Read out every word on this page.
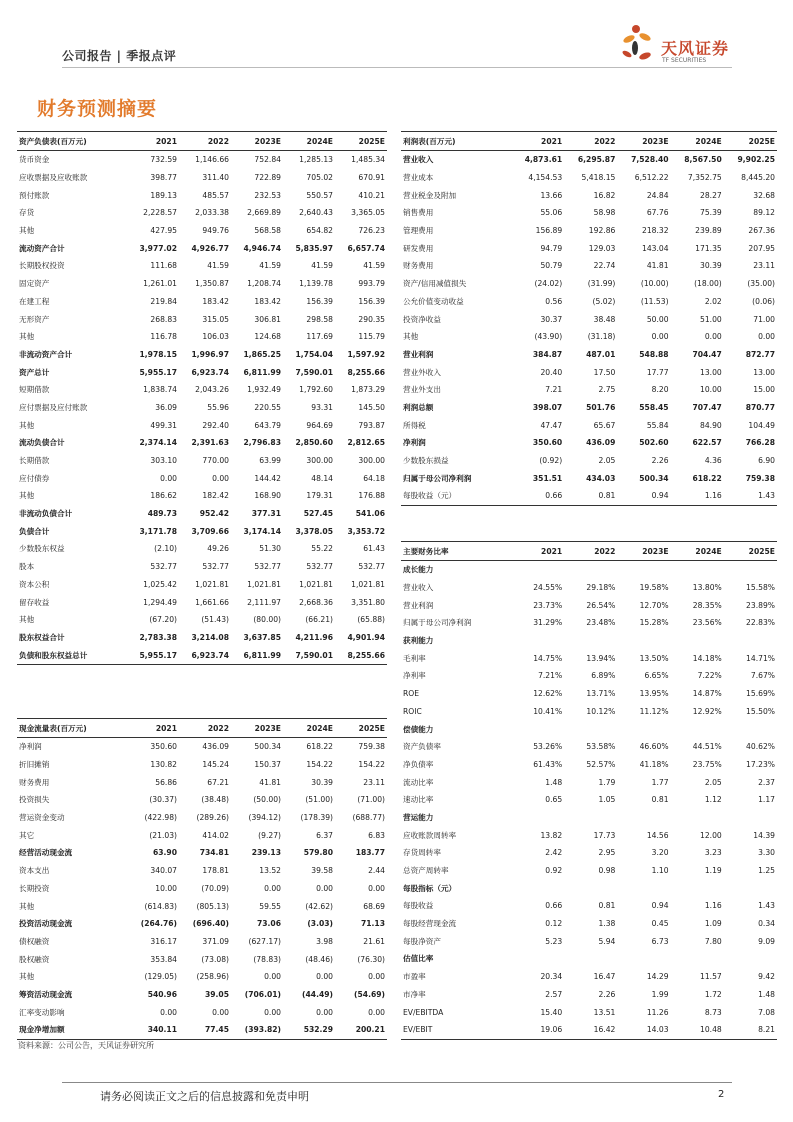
公司报告 | 季报点评	天风证券
TF SECURITIES
财务预测摘要
资产负债表(百万元)	2021	2022	2023E	2024E	2025E
货币资金	732.59	1,146.66	752.84	1,285.13	1,485.34
应收票据及应收账款	398.77	311.40	722.89	705.02	670.91
预付账款	189.13	485.57	232.53	550.57	410.21
存货	2,228.57	2,033.38	2,669.89	2,640.43	3,365.05
其他	427.95	949.76	568.58	654.82	726.23
流动资产合计	3,977.02	4,926.77	4,946.74	5,835.97	6,657.74
长期股权投资	111.68	41.59	41.59	41.59	41.59
固定资产	1,261.01	1,350.87	1,208.74	1,139.78	993.79
在建工程	219.84	183.42	183.42	156.39	156.39
无形资产	268.83	315.05	306.81	298.58	290.35
其他	116.78	106.03	124.68	117.69	115.79
非流动资产合计	1,978.15	1,996.97	1,865.25	1,754.04	1,597.92
资产总计	5,955.17	6,923.74	6,811.99	7,590.01	8,255.66
短期借款	1,838.74	2,043.26	1,932.49	1,792.60	1,873.29
应付票据及应付账款	36.09	55.96	220.55	93.31	145.50
其他	499.31	292.40	643.79	964.69	793.87
流动负债合计	2,374.14	2,391.63	2,796.83	2,850.60	2,812.65
长期借款	303.10	770.00	63.99	300.00	300.00
应付债券	0.00	0.00	144.42	48.14	64.18
其他	186.62	182.42	168.90	179.31	176.88
非流动负债合计	489.73	952.42	377.31	527.45	541.06
负债合计	3,171.78	3,709.66	3,174.14	3,378.05	3,353.72
少数股东权益	(2.10)	49.26	51.30	55.22	61.43
股本	532.77	532.77	532.77	532.77	532.77
资本公积	1,025.42	1,021.81	1,021.81	1,021.81	1,021.81
留存收益	1,294.49	1,661.66	2,111.97	2,668.36	3,351.80
其他	(67.20)	(51.43)	(80.00)	(66.21)	(65.88)
股东权益合计	2,783.38	3,214.08	3,637.85	4,211.96	4,901.94
负债和股东权益总计	5,955.17	6,923.74	6,811.99	7,590.01	8,255.66
利润表(百万元)	2021	2022	2023E	2024E	2025E
营业收入	4,873.61	6,295.87	7,528.40	8,567.50	9,902.25
营业成本	4,154.53	5,418.15	6,512.22	7,352.75	8,445.20
营业税金及附加	13.66	16.82	24.84	28.27	32.68
销售费用	55.06	58.98	67.76	75.39	89.12
管理费用	156.89	192.86	218.32	239.89	267.36
研发费用	94.79	129.03	143.04	171.35	207.95
财务费用	50.79	22.74	41.81	30.39	23.11
资产/信用减值损失	(24.02)	(31.99)	(10.00)	(18.00)	(35.00)
公允价值变动收益	0.56	(5.02)	(11.53)	2.02	(0.06)
投资净收益	30.37	38.48	50.00	51.00	71.00
其他	(43.90)	(31.18)	0.00	0.00	0.00
营业利润	384.87	487.01	548.88	704.47	872.77
营业外收入	20.40	17.50	17.77	13.00	13.00
营业外支出	7.21	2.75	8.20	10.00	15.00
利润总额	398.07	501.76	558.45	707.47	870.77
所得税	47.47	65.67	55.84	84.90	104.49
净利润	350.60	436.09	502.60	622.57	766.28
少数股东损益	(0.92)	2.05	2.26	4.36	6.90
归属于母公司净利润	351.51	434.03	500.34	618.22	759.38
每股收益（元）	0.66	0.81	0.94	1.16	1.43
主要财务比率	2021	2022	2023E	2024E	2025E
成长能力					
营业收入	24.55%	29.18%	19.58%	13.80%	15.58%
营业利润	23.73%	26.54%	12.70%	28.35%	23.89%
归属于母公司净利润	31.29%	23.48%	15.28%	23.56%	22.83%
获利能力					
毛利率	14.75%	13.94%	13.50%	14.18%	14.71%
净利率	7.21%	6.89%	6.65%	7.22%	7.67%
ROE	12.62%	13.71%	13.95%	14.87%	15.69%
ROIC	10.41%	10.12%	11.12%	12.92%	15.50%
偿债能力					
资产负债率	53.26%	53.58%	46.60%	44.51%	40.62%
净负债率	61.43%	52.57%	41.18%	23.75%	17.23%
流动比率	1.48	1.79	1.77	2.05	2.37
速动比率	0.65	1.05	0.81	1.12	1.17
营运能力					
应收账款周转率	13.82	17.73	14.56	12.00	14.39
存货周转率	2.42	2.95	3.20	3.23	3.30
总资产周转率	0.92	0.98	1.10	1.19	1.25
每股指标（元）					
每股收益	0.66	0.81	0.94	1.16	1.43
每股经营现金流	0.12	1.38	0.45	1.09	0.34
每股净资产	5.23	5.94	6.73	7.80	9.09
估值比率					
市盈率	20.34	16.47	14.29	11.57	9.42
市净率	2.57	2.26	1.99	1.72	1.48
EV/EBITDA	15.40	13.51	11.26	8.73	7.08
EV/EBIT	19.06	16.42	14.03	10.48	8.21
现金流量表(百万元)	2021	2022	2023E	2024E	2025E
净利润	350.60	436.09	500.34	618.22	759.38
折旧摊销	130.82	145.24	150.37	154.22	154.22
财务费用	56.86	67.21	41.81	30.39	23.11
投资损失	(30.37)	(38.48)	(50.00)	(51.00)	(71.00)
营运资金变动	(422.98)	(289.26)	(394.12)	(178.39)	(688.77)
其它	(21.03)	414.02	(9.27)	6.37	6.83
经营活动现金流	63.90	734.81	239.13	579.80	183.77
资本支出	340.07	178.81	13.52	39.58	2.44
长期投资	10.00	(70.09)	0.00	0.00	0.00
其他	(614.83)	(805.13)	59.55	(42.62)	68.69
投资活动现金流	(264.76)	(696.40)	73.06	(3.03)	71.13
债权融资	316.17	371.09	(627.17)	3.98	21.61
股权融资	353.84	(73.08)	(78.83)	(48.46)	(76.30)
其他	(129.05)	(258.96)	0.00	0.00	0.00
筹资活动现金流	540.96	39.05	(706.01)	(44.49)	(54.69)
汇率变动影响	0.00	0.00	0.00	0.00	0.00
现金净增加额	340.11	77.45	(393.82)	532.29	200.21
资料来源：公司公告，天风证券研究所
请务必阅读正文之后的信息披露和免责申明	2
